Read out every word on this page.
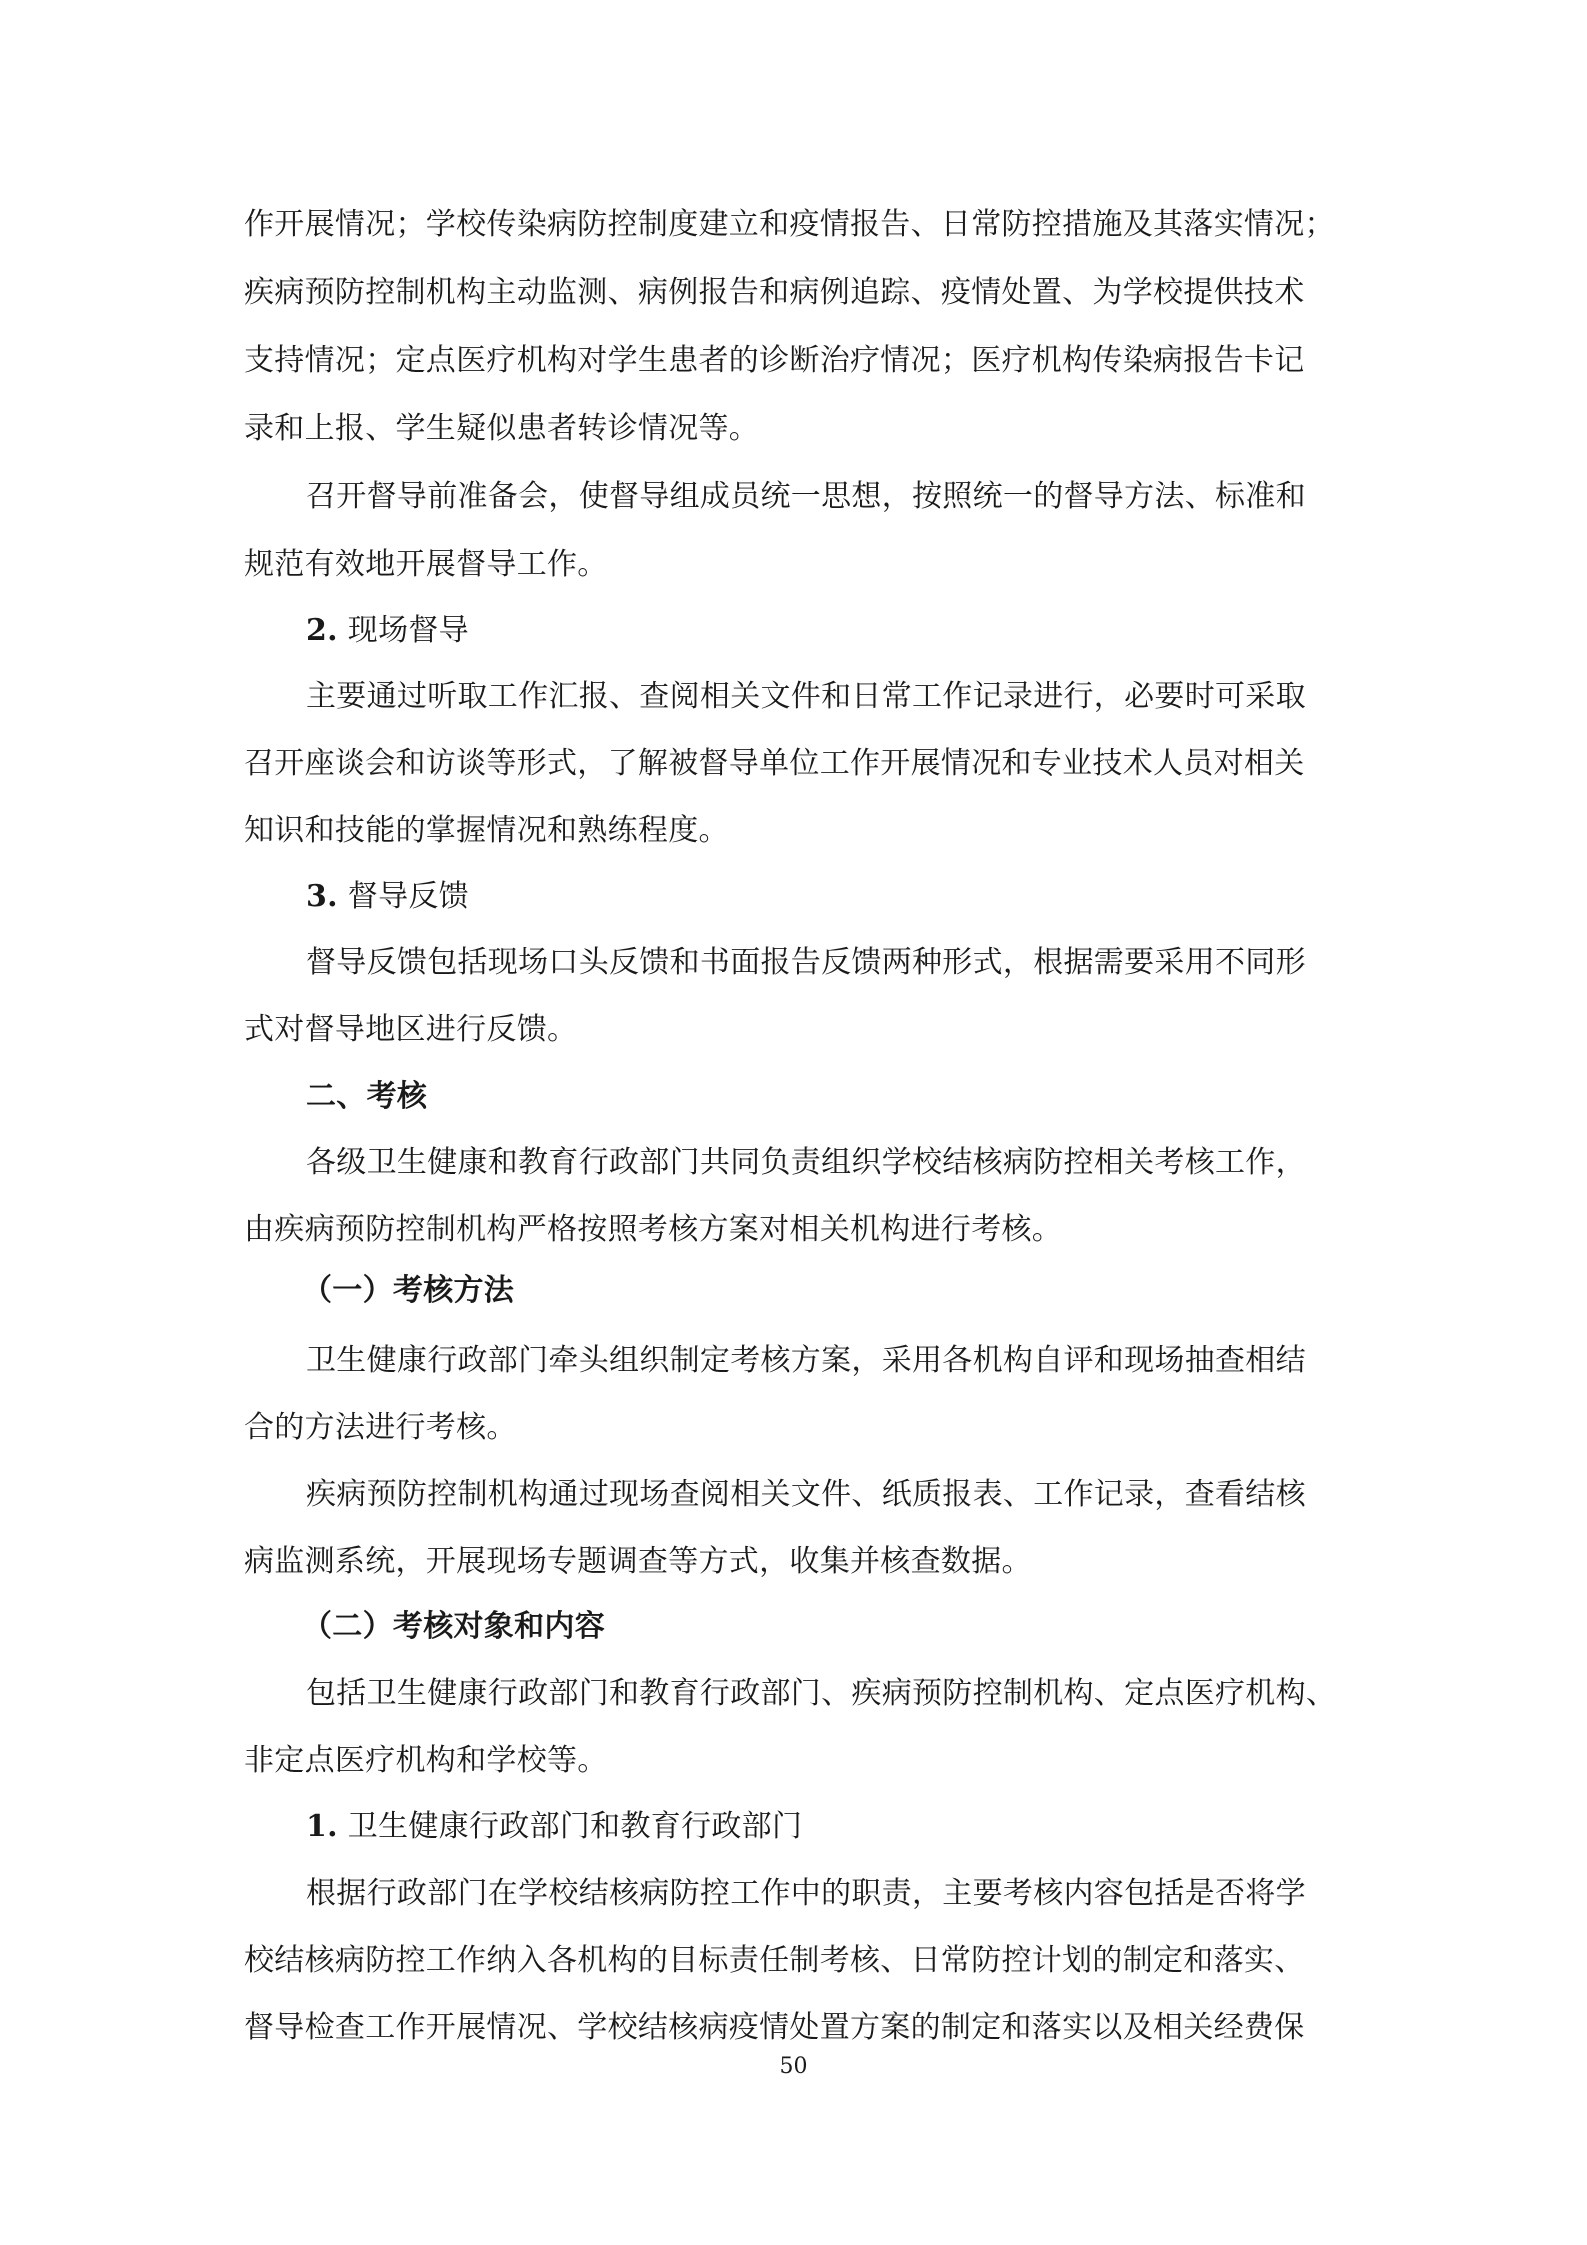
作开展情况；学校传染病防控制度建立和疫情报告、日常防控措施及其落实情况；
疾病预防控制机构主动监测、病例报告和病例追踪、疫情处置、为学校提供技术
支持情况；定点医疗机构对学生患者的诊断治疗情况；医疗机构传染病报告卡记
录和上报、学生疑似患者转诊情况等。
召开督导前准备会，使督导组成员统一思想，按照统一的督导方法、标准和
规范有效地开展督导工作。
2. 现场督导
主要通过听取工作汇报、查阅相关文件和日常工作记录进行，必要时可采取
召开座谈会和访谈等形式，了解被督导单位工作开展情况和专业技术人员对相关
知识和技能的掌握情况和熟练程度。
3. 督导反馈
督导反馈包括现场口头反馈和书面报告反馈两种形式，根据需要采用不同形
式对督导地区进行反馈。
二、考核
各级卫生健康和教育行政部门共同负责组织学校结核病防控相关考核工作，
由疾病预防控制机构严格按照考核方案对相关机构进行考核。
（一）考核方法
卫生健康行政部门牵头组织制定考核方案，采用各机构自评和现场抽查相结
合的方法进行考核。
疾病预防控制机构通过现场查阅相关文件、纸质报表、工作记录，查看结核
病监测系统，开展现场专题调查等方式，收集并核查数据。
（二）考核对象和内容
包括卫生健康行政部门和教育行政部门、疾病预防控制机构、定点医疗机构、
非定点医疗机构和学校等。
1. 卫生健康行政部门和教育行政部门
根据行政部门在学校结核病防控工作中的职责，主要考核内容包括是否将学
校结核病防控工作纳入各机构的目标责任制考核、日常防控计划的制定和落实、
督导检查工作开展情况、学校结核病疫情处置方案的制定和落实以及相关经费保
50
